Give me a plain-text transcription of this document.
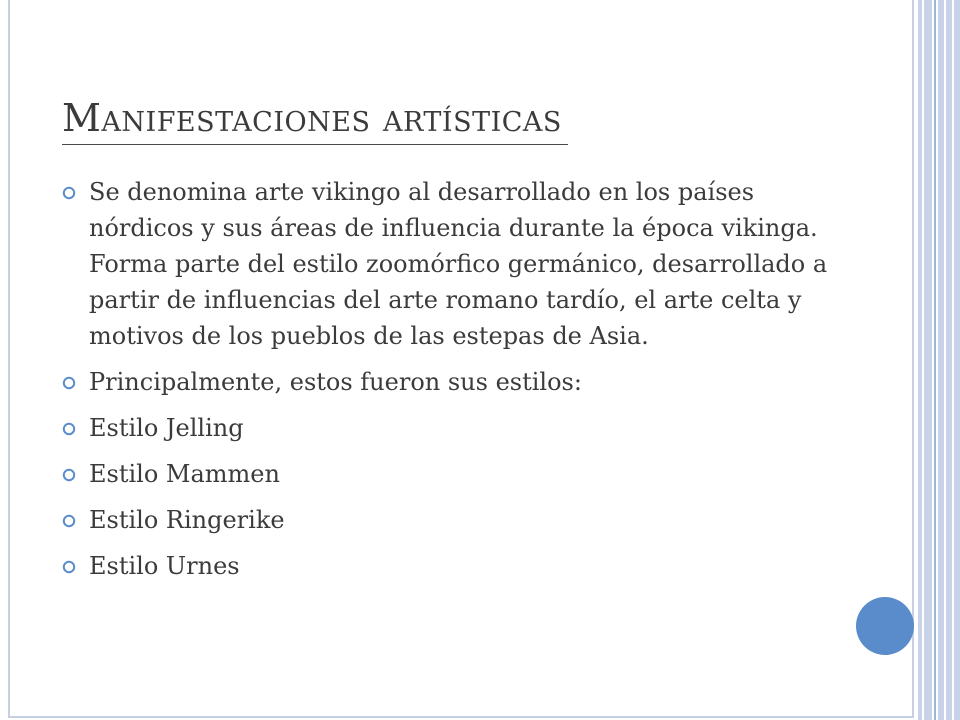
Manifestaciones artísticas
Se denomina arte vikingo al desarrollado en los países nórdicos y sus áreas de influencia durante la época vikinga. Forma parte del estilo zoomórfico germánico, desarrollado a partir de influencias del arte romano tardío, el arte celta y motivos de los pueblos de las estepas de Asia.
Principalmente, estos fueron sus estilos:
Estilo Jelling
Estilo Mammen
Estilo Ringerike
Estilo Urnes
